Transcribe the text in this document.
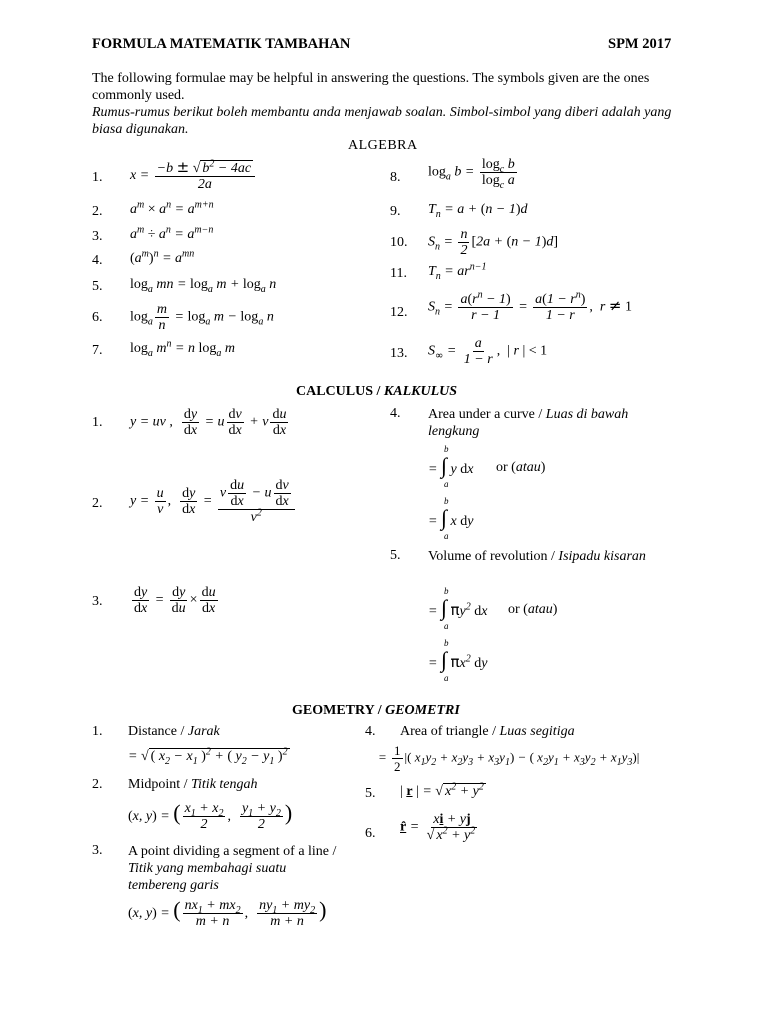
FORMULA MATEMATIK TAMBAHAN	SPM 2017
The following formulae may be helpful in answering the questions. The symbols given are the ones commonly used.
Rumus-rumus berikut boleh membantu anda menjawab soalan. Simbol-simbol yang diberi adalah yang biasa digunakan.
ALGEBRA
1. $x = \frac{-b \pm √ b^2 - 4ac}{2a}$
2. $a^m \times a^n = a^{m+n}$
3. $a^m \div a^n = a^{m-n}$
4. $(a^m)^n = a^{mn}$
5. $\log_a$ mn = $\log_a m + \log_a n$
6. $\log_a \frac{m}{n} = \log_a m - \log_a n$
7. $\log_a m^n = n$ $\log_a m$
8. $\log_a b = \frac{\log_c b}{\log_c a}$
9. $T_n = a + (n - 1)d$
10. $S_n = \frac{n}{2} [2a + (n - 1)d]$
11. $T_n = ar^{n-1}$
12. $S_n = \frac{a(r^n - 1)}{r - 1} = \frac{a(1 - r^n)}{1 - r}$ ,  r ≠ 1
13. $S_\infty = \frac{a}{1 - r}$ , | r | < 1
CALCULUS / KALKULUS
1. y = uv , $\frac{dy}{dx} = u \frac{dv}{dx} + v \frac{du}{dx}$
2. $y = \frac{u}{v}$ , $\frac{dy}{dx} = \frac{v \frac{du}{dx} - u \frac{dv}{dx}}{v^2}$
3. $\frac{dy}{dx} = \frac{dy}{du} \times \frac{du}{dx}$
4. Area under a curve / Luas di bawah lengkung
b
= ∫ y dx
a
or (atau)
b
= ∫ x dy
a
5. Volume of revolution / Isipadu kisaran
b
= ∫ $\pi y^2$ dx
a
or (atau)
b
= ∫ $\pi x^2$ dy
a
GEOMETRY / GEOMETRI
1. Distance / Jarak
= √ ( $x_2 - x_1$ )$^2$ + ( $y_2 - y_1$ )$^2$
2. Midpoint / Titik tengah
(x, y) = ( $\frac{x_1 + x_2}{2}$ , $\frac{y_1 + y_2}{2}$ )
3. A point dividing a segment of a line / Titik yang membahagi suatu tembereng garis
(x, y) = ( $\frac{nx_1 + mx_2}{m + n}$ , $\frac{ny_1 + my_2}{m + n}$ )
4. Area of triangle / Luas segitiga
= $\frac{1}{2}$ |( $x_1y_2 + x_2y_3 + x_3y_1$) − ( $x_2y_1 + x_3y_2 + x_1y_3)|$
5. | r | = √ $x^2 + y^2$
6. r̂ = $\frac{xi + yj}{√ x^2 + y^2}$
